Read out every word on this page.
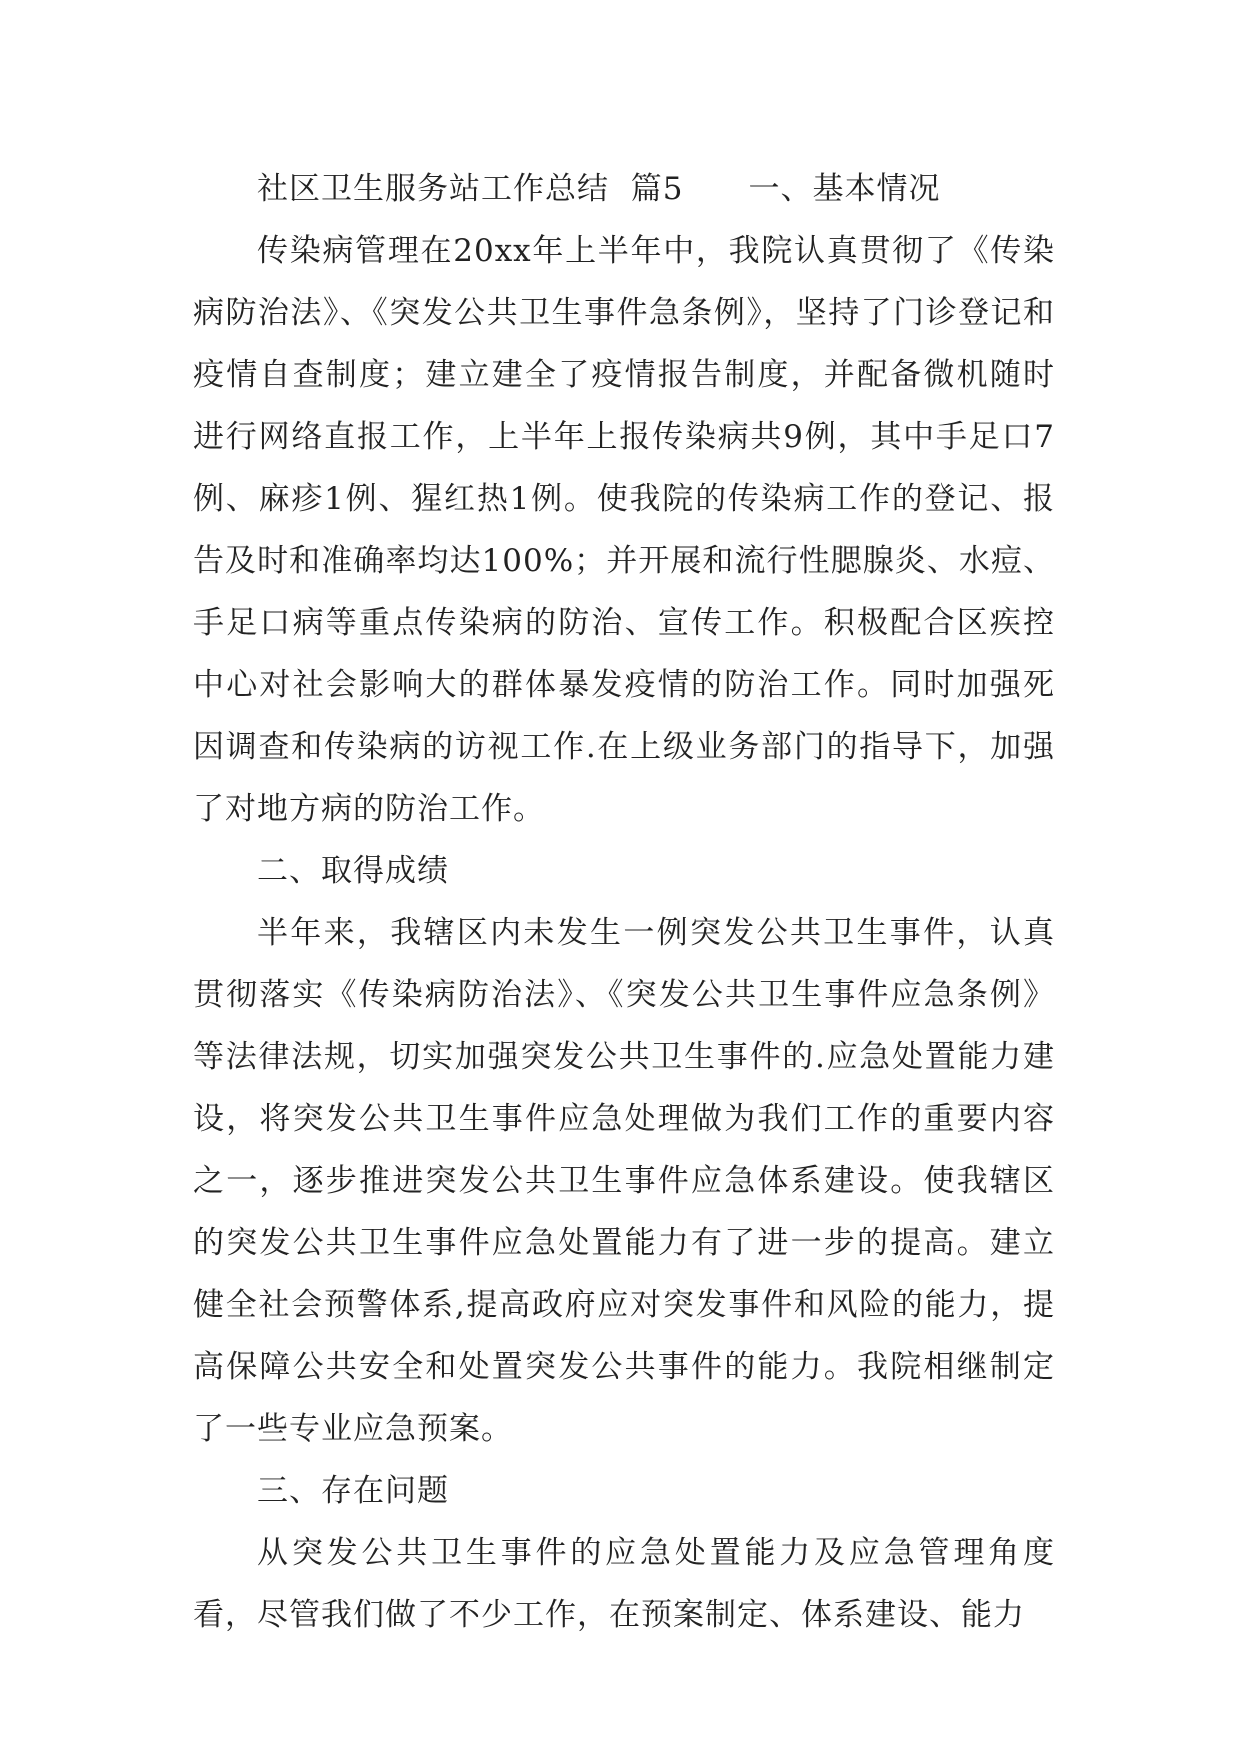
社区卫生服务站工作总结  篇5      一、基本情况

传染病管理在20xx年上半年中，我院认真贯彻了《传染病防治法》、《突发公共卫生事件急条例》，坚持了门诊登记和疫情自查制度；建立建全了疫情报告制度，并配备微机随时进行网络直报工作，上半年上报传染病共9例，其中手足口7例、麻疹1例、猩红热1例。使我院的传染病工作的登记、报告及时和准确率均达100%；并开展和流行性腮腺炎、水痘、手足口病等重点传染病的防治、宣传工作。积极配合区疾控中心对社会影响大的群体暴发疫情的防治工作。同时加强死因调查和传染病的访视工作.在上级业务部门的指导下，加强了对地方病的防治工作。

二、取得成绩

半年来，我辖区内未发生一例突发公共卫生事件，认真贯彻落实《传染病防治法》、《突发公共卫生事件应急条例》等法律法规，切实加强突发公共卫生事件的.应急处置能力建设，将突发公共卫生事件应急处理做为我们工作的重要内容之一，逐步推进突发公共卫生事件应急体系建设。使我辖区的突发公共卫生事件应急处置能力有了进一步的提高。建立健全社会预警体系,提高政府应对突发事件和风险的能力，提高保障公共安全和处置突发公共事件的能力。我院相继制定了一些专业应急预案。

三、存在问题

从突发公共卫生事件的应急处置能力及应急管理角度看，尽管我们做了不少工作，在预案制定、体系建设、能力
